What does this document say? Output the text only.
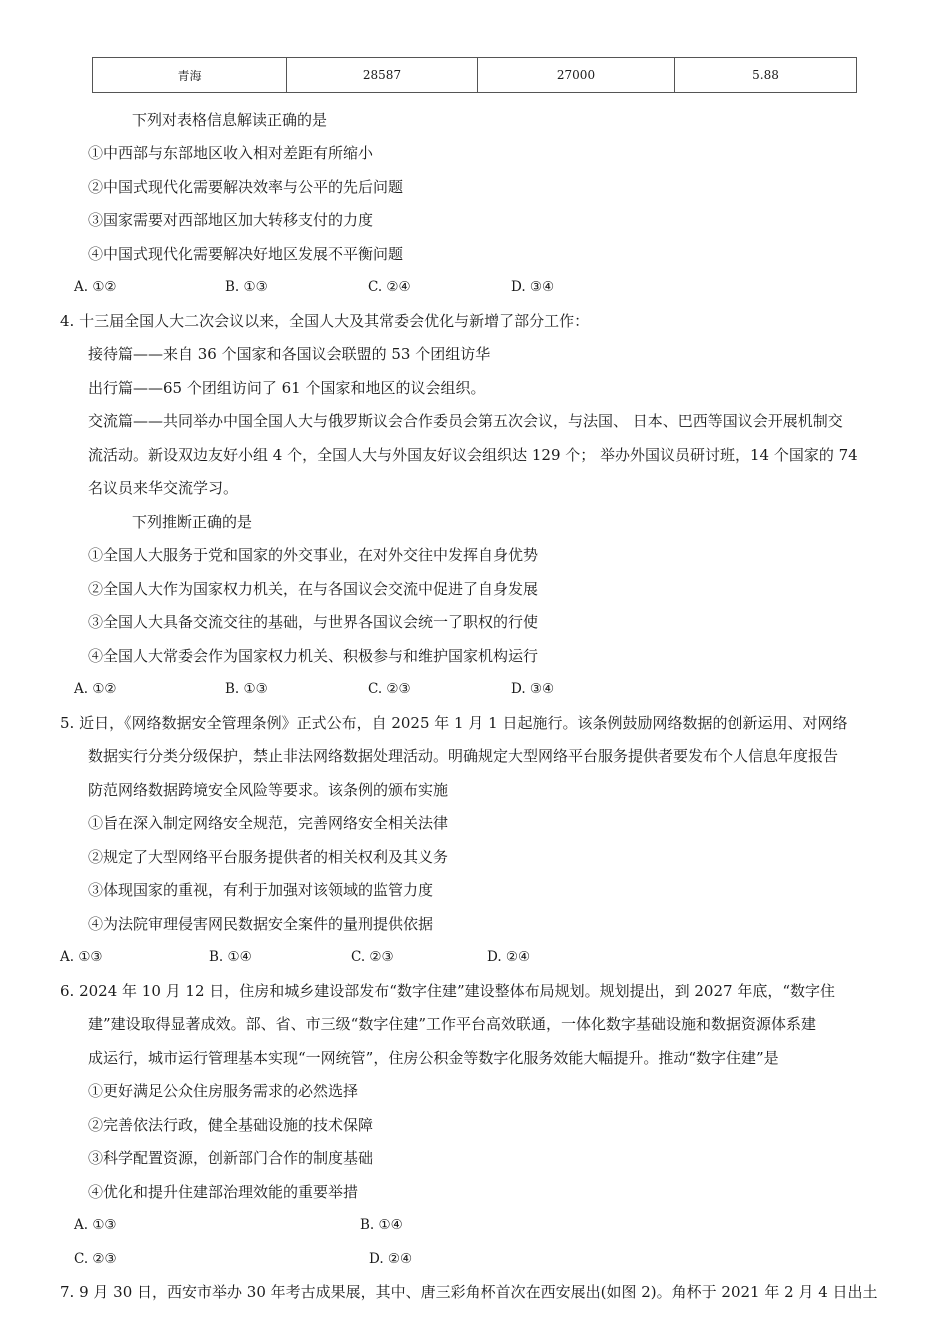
青海	28587	27000	5.88
下列对表格信息解读正确的是
①中西部与东部地区收入相对差距有所缩小
②中国式现代化需要解决效率与公平的先后问题
③国家需要对西部地区加大转移支付的力度
④中国式现代化需要解决好地区发展不平衡问题
A. ①②	B. ①③	C. ②④	D. ③④
4. 十三届全国人大二次会议以来，全国人大及其常委会优化与新增了部分工作：
接待篇——来自 36 个国家和各国议会联盟的 53 个团组访华
出行篇——65 个团组访问了 61 个国家和地区的议会组织。
交流篇——共同举办中国全国人大与俄罗斯议会合作委员会第五次会议，与法国、 日本、巴西等国议会开展机制交
流活动。新设双边友好小组 4 个，全国人大与外国友好议会组织达 129 个； 举办外国议员研讨班，14 个国家的 74
名议员来华交流学习。
下列推断正确的是
①全国人大服务于党和国家的外交事业，在对外交往中发挥自身优势
②全国人大作为国家权力机关，在与各国议会交流中促进了自身发展
③全国人大具备交流交往的基础，与世界各国议会统一了职权的行使
④全国人大常委会作为国家权力机关、积极参与和维护国家机构运行
A. ①②	B. ①③	C. ②③	D. ③④
5. 近日，《网络数据安全管理条例》正式公布，自 2025 年 1 月 1 日起施行。该条例鼓励网络数据的创新运用、对网络
数据实行分类分级保护，禁止非法网络数据处理活动。明确规定大型网络平台服务提供者要发布个人信息年度报告
防范网络数据跨境安全风险等要求。该条例的颁布实施
①旨在深入制定网络安全规范，完善网络安全相关法律
②规定了大型网络平台服务提供者的相关权利及其义务
③体现国家的重视，有利于加强对该领域的监管力度
④为法院审理侵害网民数据安全案件的量刑提供依据
A. ①③	B. ①④	C. ②③	D. ②④
6. 2024 年 10 月 12 日，住房和城乡建设部发布“数字住建”建设整体布局规划。规划提出，到 2027 年底，“数字住
建”建设取得显著成效。部、省、市三级“数字住建”工作平台高效联通，一体化数字基础设施和数据资源体系建
成运行，城市运行管理基本实现“一网统管”，住房公积金等数字化服务效能大幅提升。推动“数字住建”是
①更好满足公众住房服务需求的必然选择
②完善依法行政，健全基础设施的技术保障
③科学配置资源，创新部门合作的制度基础
④优化和提升住建部治理效能的重要举措
A. ①③	B. ①④
C. ②③	D. ②④
7. 9 月 30 日，西安市举办 30 年考古成果展，其中、唐三彩角杯首次在西安展出(如图 2)。角杯于 2021 年 2 月 4 日出土
